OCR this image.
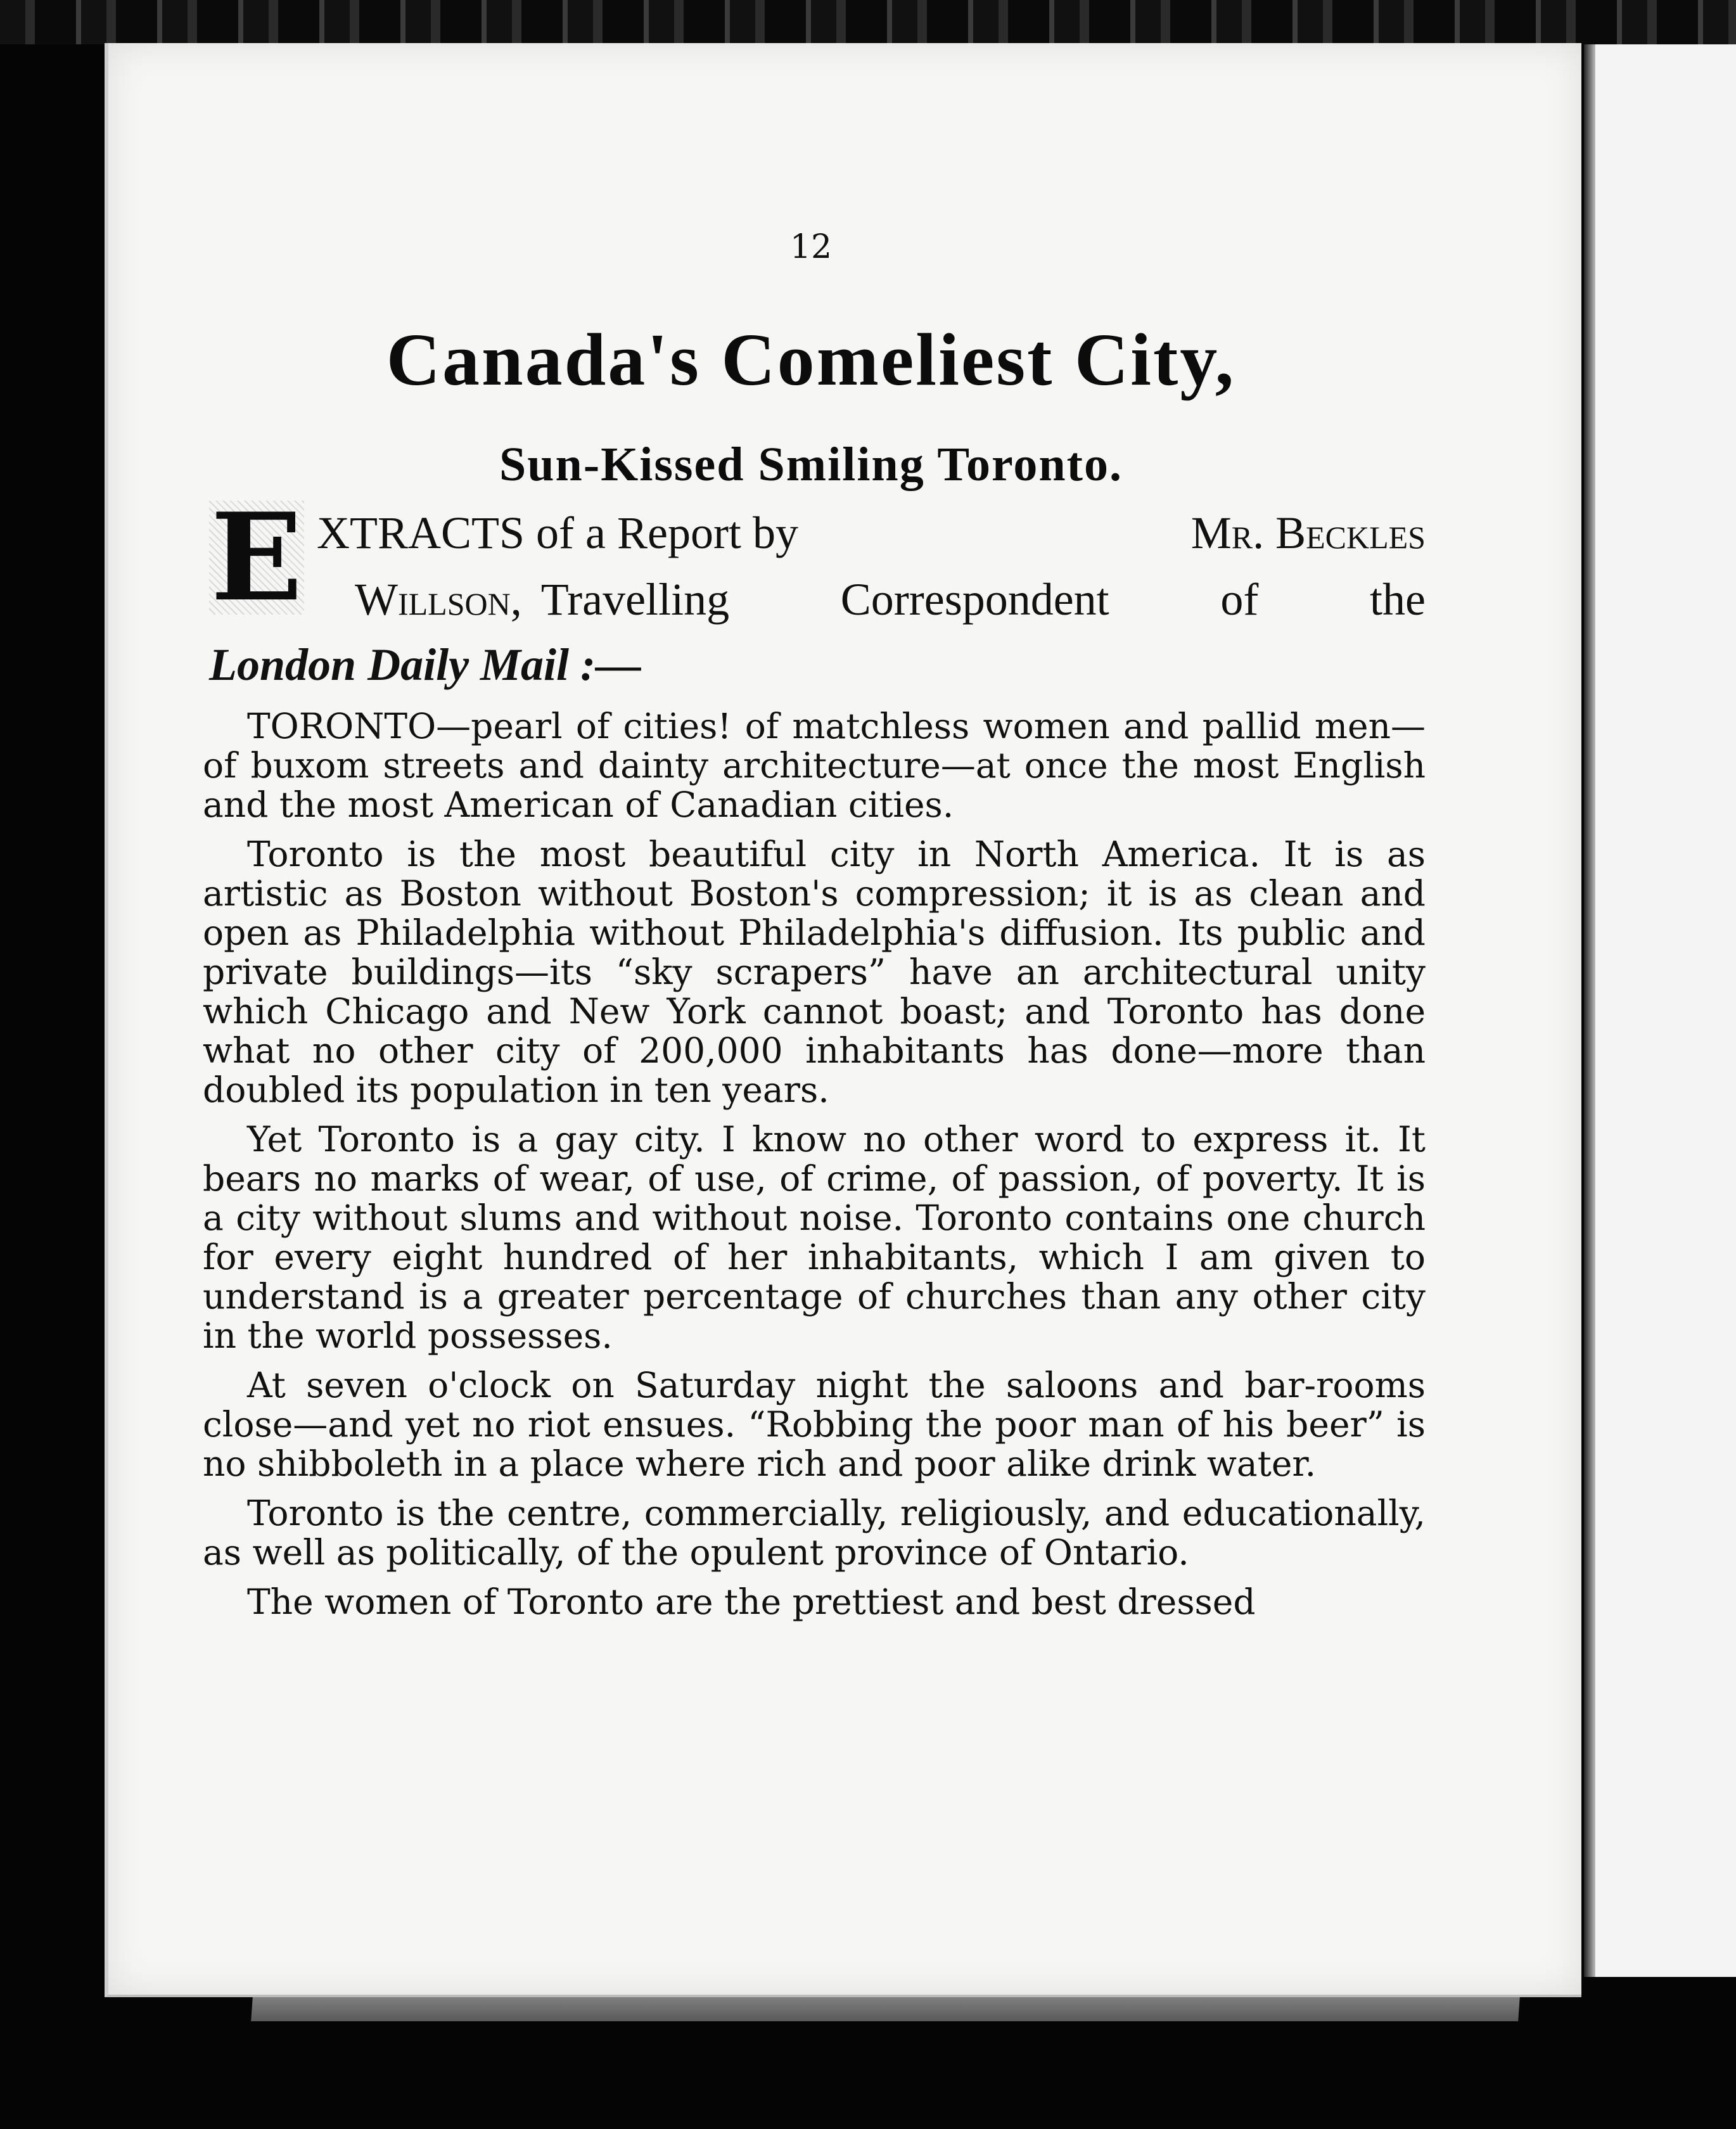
12
Canada's Comeliest City,
Sun-Kissed Smiling Toronto.
E XTRACTS of a Report by	Mr. Beckles
Willson, Travelling Correspondent of the
London Daily Mail :—

TORONTO—pearl of cities! of matchless women and pallid men—of buxom streets and dainty architecture—at once the most English and the most American of Canadian cities.

Toronto is the most beautiful city in North America. It is as artistic as Boston without Boston's compression; it is as clean and open as Philadelphia without Philadelphia's diffusion. Its public and private buildings—its “sky scrapers” have an architectural unity which Chicago and New York cannot boast; and Toronto has done what no other city of 200,000 inhabitants has done—more than doubled its population in ten years.

Yet Toronto is a gay city. I know no other word to express it. It bears no marks of wear, of use, of crime, of passion, of poverty. It is a city without slums and without noise. Toronto contains one church for every eight hundred of her inhabitants, which I am given to understand is a greater percentage of churches than any other city in the world possesses.

At seven o'clock on Saturday night the saloons and bar-rooms close—and yet no riot ensues. “Robbing the poor man of his beer” is no shibboleth in a place where rich and poor alike drink water.

Toronto is the centre, commercially, religiously, and educationally, as well as politically, of the opulent province of Ontario.

The women of Toronto are the prettiest and best dressed
